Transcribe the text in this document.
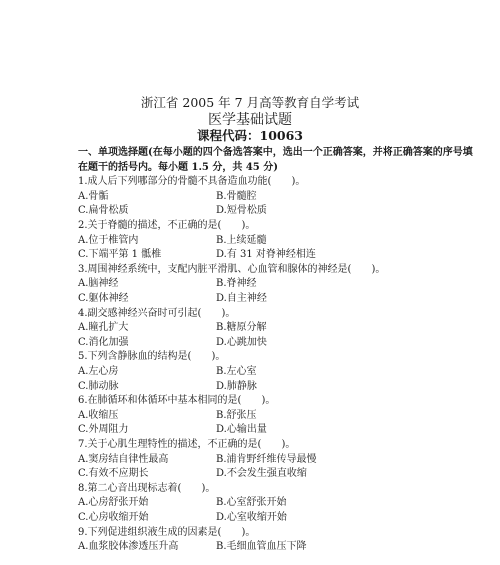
浙江省 2005 年 7 月高等教育自学考试
医学基础试题
课程代码：10063
一、单项选择题(在每小题的四个备选答案中，选出一个正确答案，并将正确答案的序号填
在题干的括号内。每小题 1.5 分，共 45 分)
1.成人后下列哪部分的骨髓不具备造血功能(　　)。
A.骨骺	B.骨髓腔
C.扁骨松质	D.短骨松质
2.关于脊髓的描述，不正确的是(　　)。
A.位于椎管内	B.上续延髓
C.下端平第 1 骶椎	D.有 31 对脊神经相连
3.周围神经系统中，支配内脏平滑肌、心血管和腺体的神经是(　　)。
A.脑神经	B.脊神经
C.躯体神经	D.自主神经
4.副交感神经兴奋时可引起(　　)。
A.瞳孔扩大	B.糖原分解
C.消化加强	D.心跳加快
5.下列含静脉血的结构是(　　)。
A.左心房	B.左心室
C.肺动脉	D.肺静脉
6.在肺循环和体循环中基本相同的是(　　)。
A.收缩压	B.舒张压
C.外周阻力	D.心输出量
7.关于心肌生理特性的描述，不正确的是(　　)。
A.窦房结自律性最高	B.浦肯野纤维传导最慢
C.有效不应期长	D.不会发生强直收缩
8.第二心音出现标志着(　　)。
A.心房舒张开始	B.心室舒张开始
C.心房收缩开始	D.心室收缩开始
9.下列促进组织液生成的因素是(　　)。
A.血浆胶体渗透压升高	B.毛细血管血压下降
